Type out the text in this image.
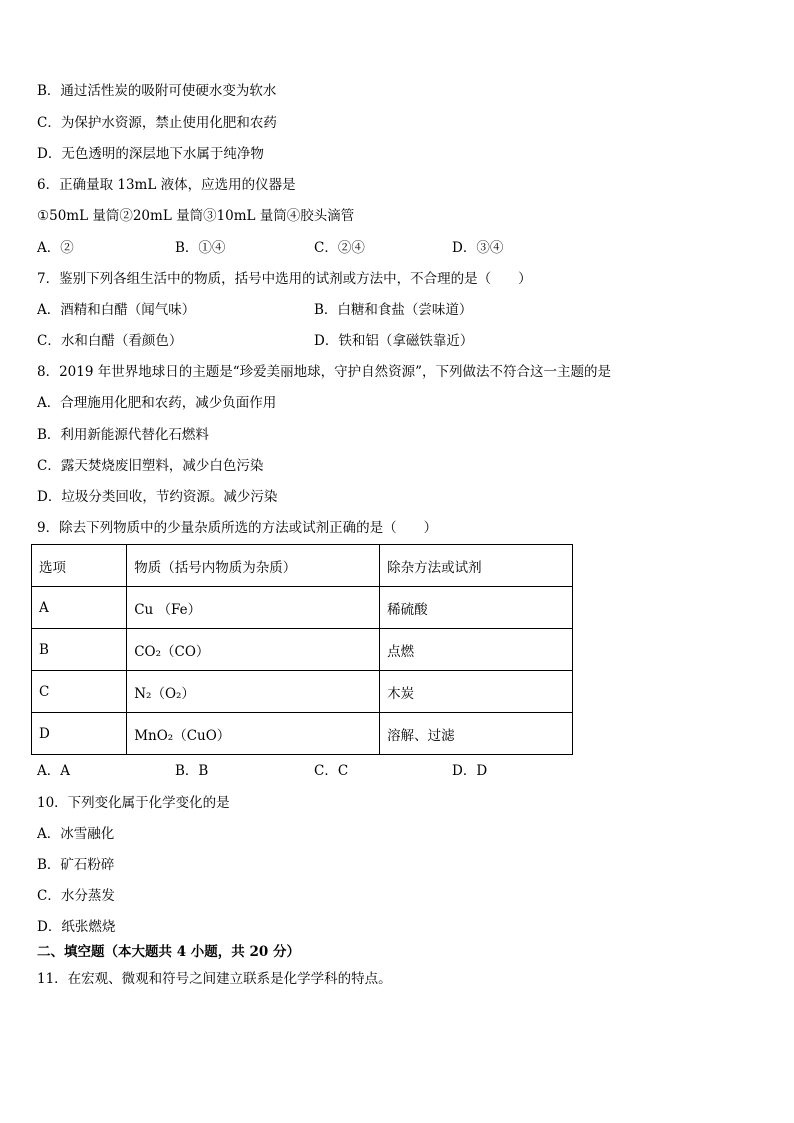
B．通过活性炭的吸附可使硬水变为软水
C．为保护水资源，禁止使用化肥和农药
D．无色透明的深层地下水属于纯净物
6．正确量取 13mL 液体，应选用的仪器是
①50mL 量筒②20mL 量筒③10mL 量筒④胶头滴管
A．②	B．①④	C．②④	D．③④
7．鉴别下列各组生活中的物质，括号中选用的试剂或方法中，不合理的是（　　）
A．酒精和白醋（闻气味）	B．白糖和食盐（尝味道）
C．水和白醋（看颜色）	D．铁和铝（拿磁铁靠近）
8．2019 年世界地球日的主题是“珍爱美丽地球，守护自然资源”，下列做法不符合这一主题的是
A．合理施用化肥和农药，减少负面作用
B．利用新能源代替化石燃料
C．露天焚烧废旧塑料，减少白色污染
D．垃圾分类回收，节约资源。减少污染
9．除去下列物质中的少量杂质所选的方法或试剂正确的是（　　）
选项	物质（括号内物质为杂质）	除杂方法或试剂
A	Cu （Fe）	稀硫酸
B	CO₂（CO）	点燃
C	N₂（O₂）	木炭
D	MnO₂（CuO）	溶解、过滤
A．A	B．B	C．C	D．D
10．下列变化属于化学变化的是
A．冰雪融化
B．矿石粉碎
C．水分蒸发
D．纸张燃烧
二、填空题（本大题共 4 小题，共 20 分）
11．在宏观、微观和符号之间建立联系是化学学科的特点。
